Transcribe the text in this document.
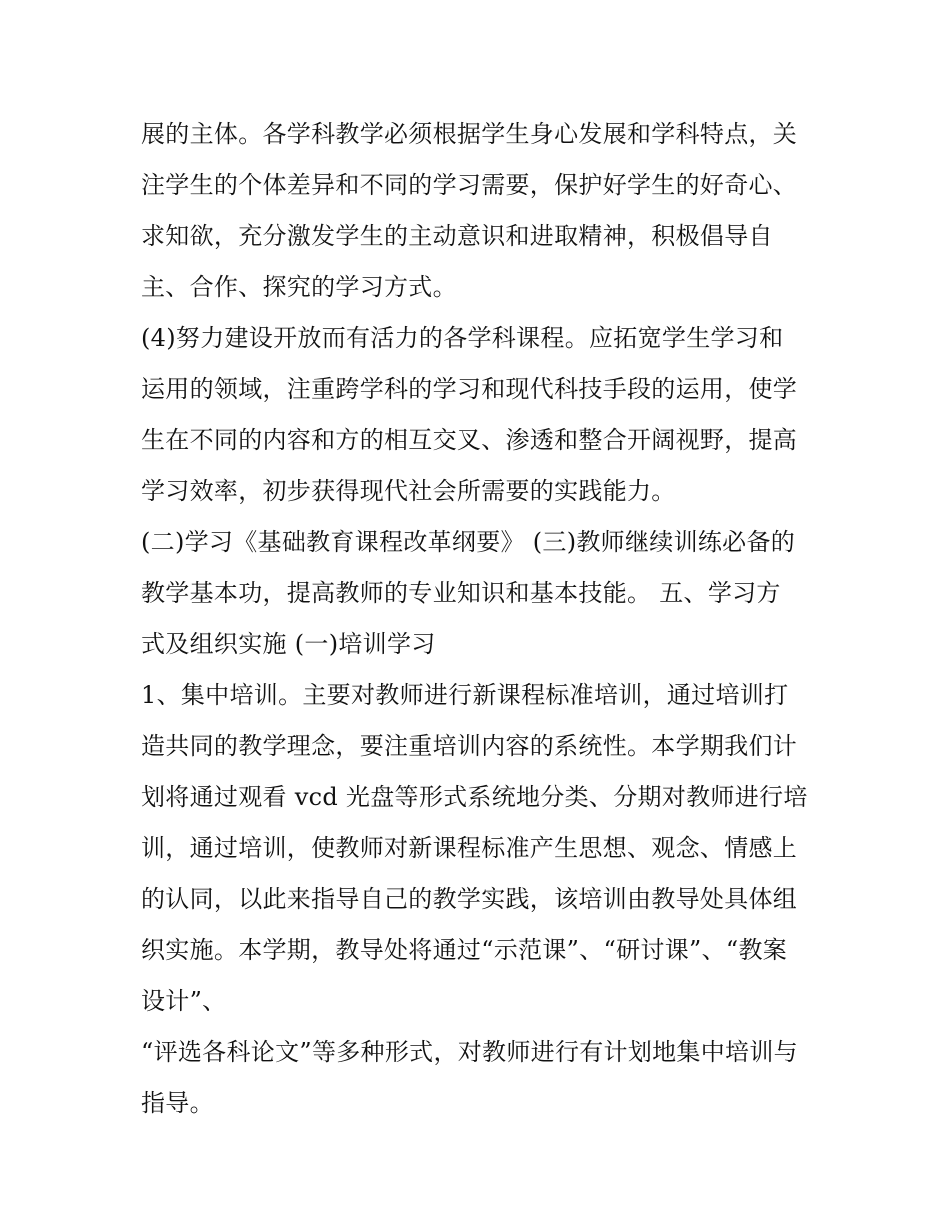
展的主体。各学科教学必须根据学生身心发展和学科特点，关
注学生的个体差异和不同的学习需要，保护好学生的好奇心、
求知欲，充分激发学生的主动意识和进取精神，积极倡导自
主、合作、探究的学习方式。
(4)努力建设开放而有活力的各学科课程。应拓宽学生学习和
运用的领域，注重跨学科的学习和现代科技手段的运用，使学
生在不同的内容和方的相互交叉、渗透和整合开阔视野，提高
学习效率，初步获得现代社会所需要的实践能力。
(二)学习《基础教育课程改革纲要》 (三)教师继续训练必备的
教学基本功，提高教师的专业知识和基本技能。 五、学习方
式及组织实施 (一)培训学习
1、集中培训。主要对教师进行新课程标准培训，通过培训打
造共同的教学理念，要注重培训内容的系统性。本学期我们计
划将通过观看 vcd 光盘等形式系统地分类、分期对教师进行培
训，通过培训，使教师对新课程标准产生思想、观念、情感上
的认同，以此来指导自己的教学实践，该培训由教导处具体组
织实施。本学期，教导处将通过“示范课”、“研讨课”、“教案
设计”、
“评选各科论文”等多种形式，对教师进行有计划地集中培训与
指导。
